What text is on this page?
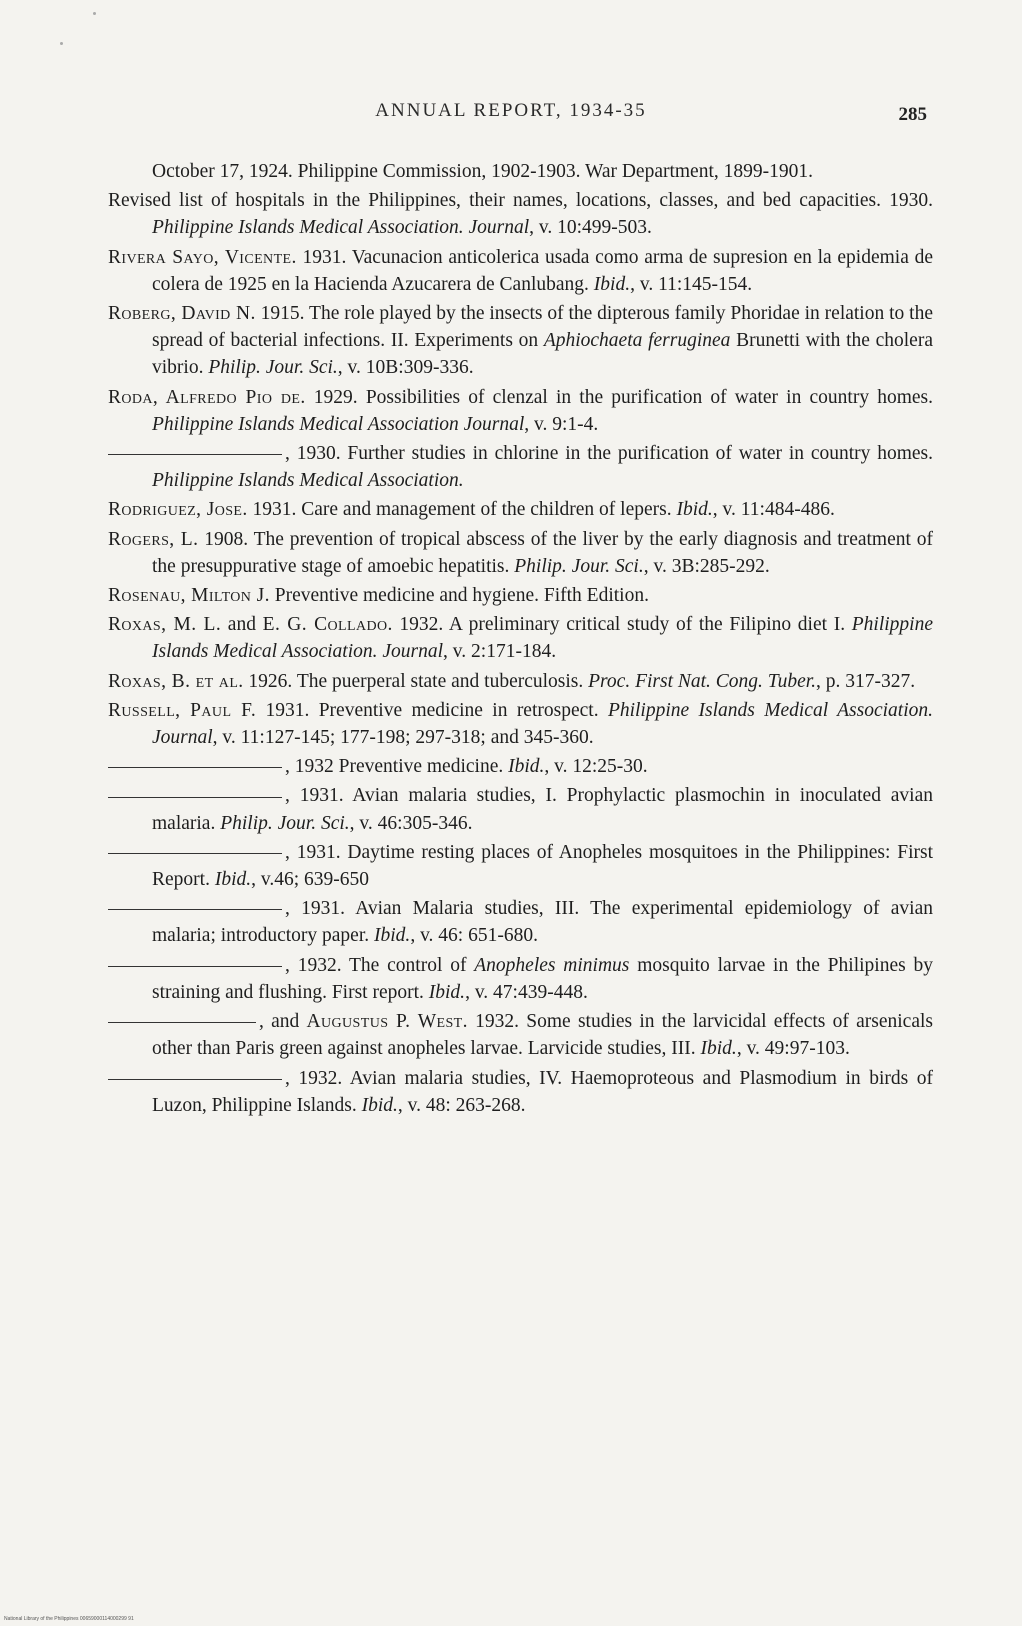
ANNUAL REPORT, 1934-35	285

October 17, 1924. Philippine Commission, 1902-1903. War Department, 1899-1901.

Revised list of hospitals in the Philippines, their names, locations, classes, and bed capacities. 1930. Philippine Islands Medical Association. Journal, v. 10:499-503.

Rivera Sayo, Vicente. 1931. Vacunacion anticolerica usada como arma de supresion en la epidemia de colera de 1925 en la Hacienda Azucarera de Canlubang. Ibid., v. 11:145-154.

Roberg, David N. 1915. The role played by the insects of the dipterous family Phoridae in relation to the spread of bacterial infections. II. Experiments on Aphiochaeta ferruginea Brunetti with the cholera vibrio. Philip. Jour. Sci., v. 10B:309-336.

Roda, Alfredo Pio de. 1929. Possibilities of clenzal in the purification of water in country homes. Philippine Islands Medical Association Journal, v. 9:1-4.

, 1930. Further studies in chlorine in the purification of water in country homes. Philippine Islands Medical Association.

Rodriguez, Jose. 1931. Care and management of the children of lepers. Ibid., v. 11:484-486.

Rogers, L. 1908. The prevention of tropical abscess of the liver by the early diagnosis and treatment of the presuppurative stage of amoebic hepatitis. Philip. Jour. Sci., v. 3B:285-292.

Rosenau, Milton J. Preventive medicine and hygiene. Fifth Edition.

Roxas, M. L. and E. G. Collado. 1932. A preliminary critical study of the Filipino diet I. Philippine Islands Medical Association. Journal, v. 2:171-184.

Roxas, B. et al. 1926. The puerperal state and tuberculosis. Proc. First Nat. Cong. Tuber., p. 317-327.

Russell, Paul F. 1931. Preventive medicine in retrospect. Philippine Islands Medical Association. Journal, v. 11:127-145; 177-198; 297-318; and 345-360.

, 1932 Preventive medicine. Ibid., v. 12:25-30.

, 1931. Avian malaria studies, I. Prophylactic plasmochin in inoculated avian malaria. Philip. Jour. Sci., v. 46:305-346.

, 1931. Daytime resting places of Anopheles mosquitoes in the Philippines: First Report. Ibid., v.46; 639-650

, 1931. Avian Malaria studies, III. The experimental epidemiology of avian malaria; introductory paper. Ibid., v. 46: 651-680.

, 1932. The control of Anopheles minimus mosquito larvae in the Philipines by straining and flushing. First report. Ibid., v. 47:439-448.

, and Augustus P. West. 1932. Some studies in the larvicidal effects of arsenicals other than Paris green against anopheles larvae. Larvicide studies, III. Ibid., v. 49:97-103.

, 1932. Avian malaria studies, IV. Haemoproteous and Plasmodium in birds of Luzon, Philippine Islands. Ibid., v. 48: 263-268.

National Library of the Philippines 00659000114000299 91
